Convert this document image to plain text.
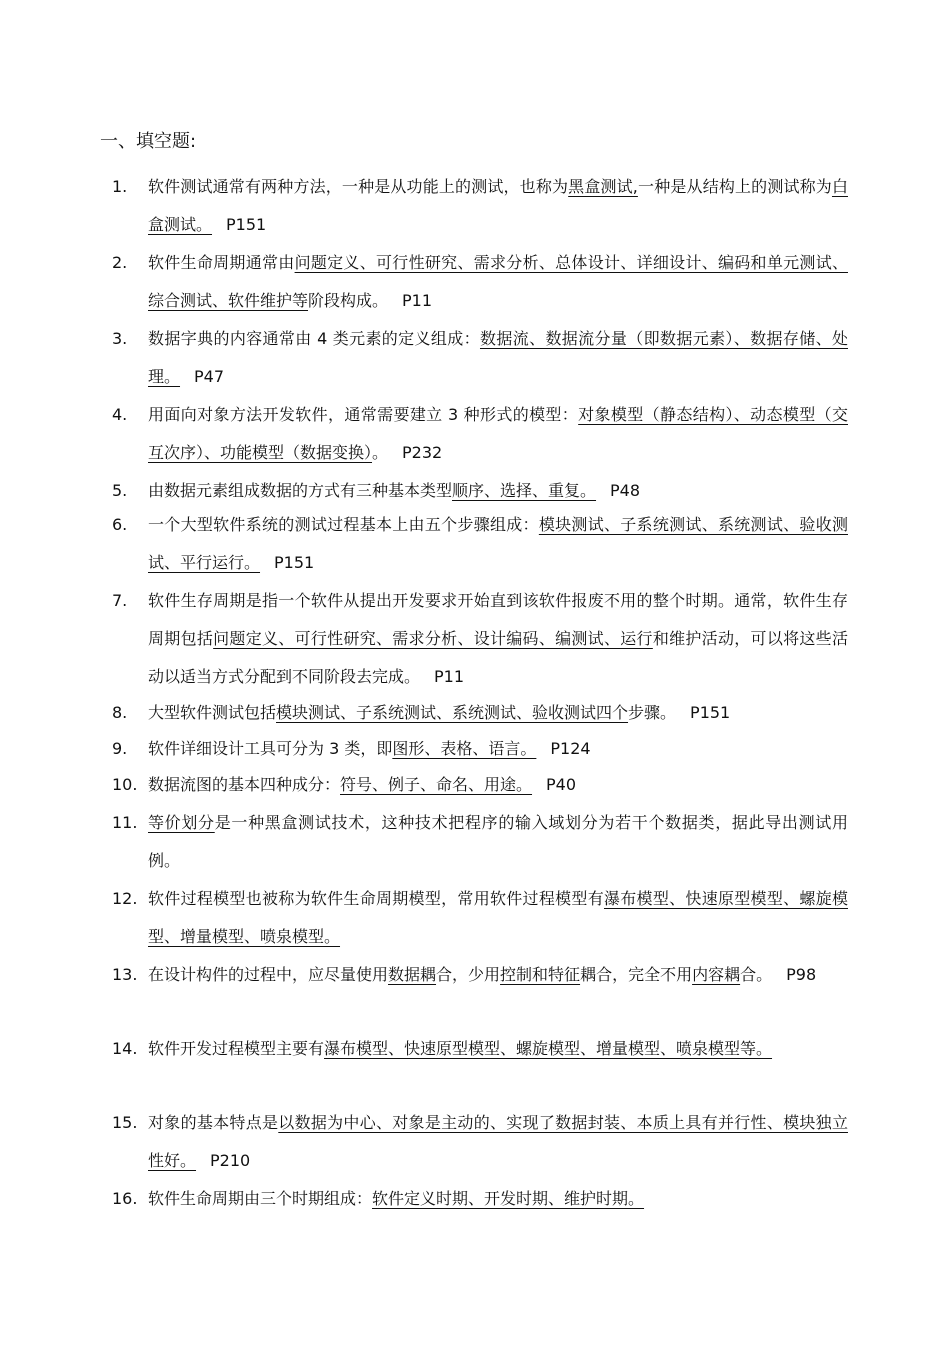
一、填空题:
1.	软件测试通常有两种方法，一种是从功能上的测试，也称为黑盒测试,一种是从结构上的测试称为白盒测试。 P151
2.	软件生命周期通常由问题定义、可行性研究、需求分析、总体设计、详细设计、编码和单元测试、综合测试、软件维护等阶段构成。 P11
3.	数据字典的内容通常由 4 类元素的定义组成：数据流、数据流分量（即数据元素）、数据存储、处理。 P47
4.	用面向对象方法开发软件，通常需要建立 3 种形式的模型：对象模型（静态结构）、动态模型（交互次序）、功能模型（数据变换）。 P232
5.	由数据元素组成数据的方式有三种基本类型顺序、选择、重复。 P48
6.	一个大型软件系统的测试过程基本上由五个步骤组成：模块测试、子系统测试、系统测试、验收测试、平行运行。 P151
7.	软件生存周期是指一个软件从提出开发要求开始直到该软件报废不用的整个时期。通常，软件生存周期包括问题定义、可行性研究、需求分析、设计编码、编测试、运行和维护活动，可以将这些活动以适当方式分配到不同阶段去完成。 P11
8.	大型软件测试包括模块测试、子系统测试、系统测试、验收测试四个步骤。 P151
9.	软件详细设计工具可分为 3 类，即图形、表格、语言。 P124
10. 数据流图的基本四种成分：符号、例子、命名、用途。 P40
11. 等价划分是一种黑盒测试技术，这种技术把程序的输入域划分为若干个数据类，据此导出测试用例。
12. 软件过程模型也被称为软件生命周期模型，常用软件过程模型有瀑布模型、快速原型模型、螺旋模型、增量模型、喷泉模型。
13. 在设计构件的过程中，应尽量使用数据耦合，少用控制和特征耦合，完全不用内容耦合。 P98
14. 软件开发过程模型主要有瀑布模型、快速原型模型、螺旋模型、增量模型、喷泉模型等。
15. 对象的基本特点是以数据为中心、对象是主动的、实现了数据封装、本质上具有并行性、模块独立性好。 P210
16. 软件生命周期由三个时期组成：软件定义时期、开发时期、维护时期。
